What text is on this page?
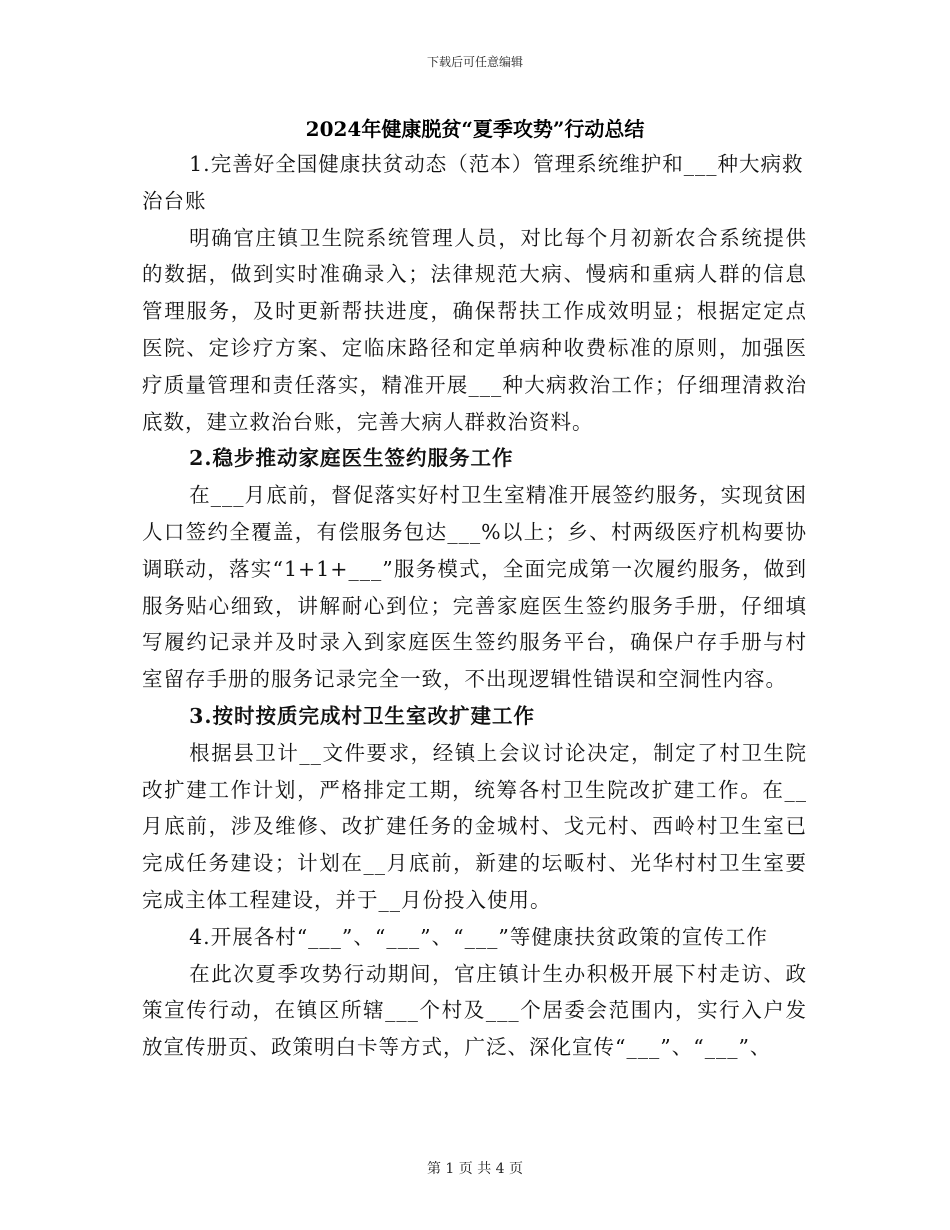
下载后可任意编辑
2024年健康脱贫“夏季攻势”行动总结

1.完善好全国健康扶贫动态（范本）管理系统维护和___种大病救治台账

明确官庄镇卫生院系统管理人员，对比每个月初新农合系统提供的数据，做到实时准确录入；法律规范大病、慢病和重病人群的信息管理服务，及时更新帮扶进度，确保帮扶工作成效明显；根据定定点医院、定诊疗方案、定临床路径和定单病种收费标准的原则，加强医疗质量管理和责任落实，精准开展___种大病救治工作；仔细理清救治底数，建立救治台账，完善大病人群救治资料。

2.稳步推动家庭医生签约服务工作

在___月底前，督促落实好村卫生室精准开展签约服务，实现贫困人口签约全覆盖，有偿服务包达___%以上；乡、村两级医疗机构要协调联动，落实“1+1+___”服务模式，全面完成第一次履约服务，做到服务贴心细致，讲解耐心到位；完善家庭医生签约服务手册，仔细填写履约记录并及时录入到家庭医生签约服务平台，确保户存手册与村室留存手册的服务记录完全一致，不出现逻辑性错误和空洞性内容。

3.按时按质完成村卫生室改扩建工作

根据县卫计__文件要求，经镇上会议讨论决定，制定了村卫生院改扩建工作计划，严格排定工期，统筹各村卫生院改扩建工作。在__月底前，涉及维修、改扩建任务的金城村、戈元村、西岭村卫生室已完成任务建设；计划在__月底前，新建的坛畈村、光华村村卫生室要完成主体工程建设，并于__月份投入使用。

4.开展各村“___”、“___”、“___”等健康扶贫政策的宣传工作

在此次夏季攻势行动期间，官庄镇计生办积极开展下村走访、政策宣传行动，在镇区所辖___个村及___个居委会范围内，实行入户发放宣传册页、政策明白卡等方式，广泛、深化宣传“___”、“___”、

第 1 页 共 4 页
